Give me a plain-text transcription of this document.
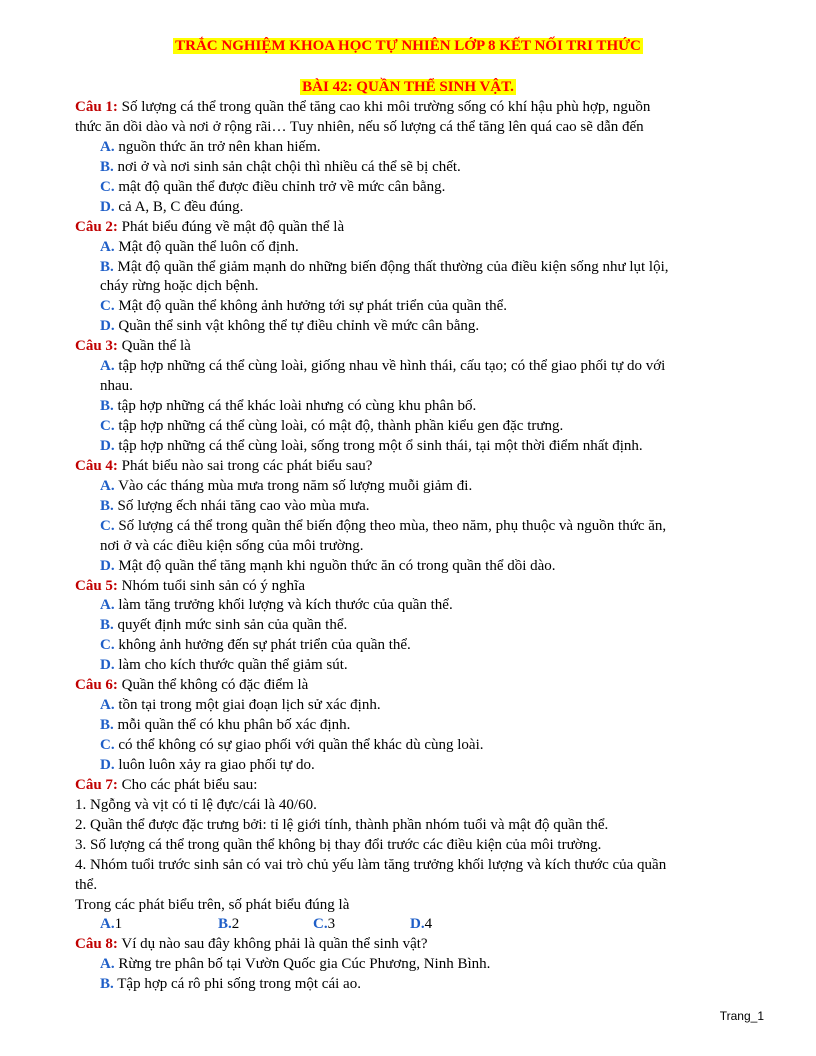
TRẮC NGHIỆM KHOA HỌC TỰ NHIÊN LỚP 8 KẾT NỐI TRI THỨC
BÀI 42: QUẦN THỂ SINH VẬT.
Câu 1: Số lượng cá thể trong quần thể tăng cao khi môi trường sống có khí hậu phù hợp, nguồn
thức ăn dồi dào và nơi ở rộng rãi… Tuy nhiên, nếu số lượng cá thể tăng lên quá cao sẽ dẫn đến
A. nguồn thức ăn trở nên khan hiếm.
B. nơi ở và nơi sinh sản chật chội thì nhiều cá thể sẽ bị chết.
C. mật độ quần thể được điều chỉnh trở về mức cân bằng.
D. cả A, B, C đều đúng.
Câu 2: Phát biểu đúng về mật độ quần thể là
A. Mật độ quần thể luôn cố định.
B. Mật độ quần thể giảm mạnh do những biến động thất thường của điều kiện sống như lụt lội,
cháy rừng hoặc dịch bệnh.
C. Mật độ quần thể không ảnh hưởng tới sự phát triển của quần thể.
D. Quần thể sinh vật không thể tự điều chỉnh về mức cân bằng.
Câu 3: Quần thể là
A. tập hợp những cá thể cùng loài, giống nhau về hình thái, cấu tạo; có thể giao phối tự do với
nhau.
B. tập hợp những cá thể khác loài nhưng có cùng khu phân bố.
C. tập hợp những cá thể cùng loài, có mật độ, thành phần kiểu gen đặc trưng.
D. tập hợp những cá thể cùng loài, sống trong một ổ sinh thái, tại một thời điểm nhất định.
Câu 4: Phát biểu nào sai trong các phát biểu sau?
A. Vào các tháng mùa mưa trong năm số lượng muỗi giảm đi.
B. Số lượng ếch nhái tăng cao vào mùa mưa.
C. Số lượng cá thể trong quần thể biến động theo mùa, theo năm, phụ thuộc và nguồn thức ăn,
nơi ở và các điều kiện sống của môi trường.
D. Mật độ quần thể tăng mạnh khi nguồn thức ăn có trong quần thể dồi dào.
Câu 5: Nhóm tuổi sinh sản có ý nghĩa
A. làm tăng trưởng khối lượng và kích thước của quần thể.
B. quyết định mức sinh sản của quần thể.
C. không ảnh hưởng đến sự phát triển của quần thể.
D. làm cho kích thước quần thể giảm sút.
Câu 6: Quần thể không có đặc điểm là
A. tồn tại trong một giai đoạn lịch sử xác định.
B. mỗi quần thể có khu phân bố xác định.
C. có thể không có sự giao phối với quần thể khác dù cùng loài.
D. luôn luôn xảy ra giao phối tự do.
Câu 7: Cho các phát biểu sau:
1. Ngỗng và vịt có tỉ lệ đực/cái là 40/60.
2. Quần thể được đặc trưng bởi: tỉ lệ giới tính, thành phần nhóm tuổi và mật độ quần thể.
3. Số lượng cá thể trong quần thể không bị thay đổi trước các điều kiện của môi trường.
4. Nhóm tuổi trước sinh sản có vai trò chủ yếu làm tăng trưởng khối lượng và kích thước của quần
thể.
Trong các phát biểu trên, số phát biểu đúng là
A.1	B.2	C.3	D.4
Câu 8: Ví dụ nào sau đây không phải là quần thể sinh vật?
A. Rừng tre phân bố tại Vườn Quốc gia Cúc Phương, Ninh Bình.
B. Tập hợp cá rô phi sống trong một cái ao.
Trang_1
